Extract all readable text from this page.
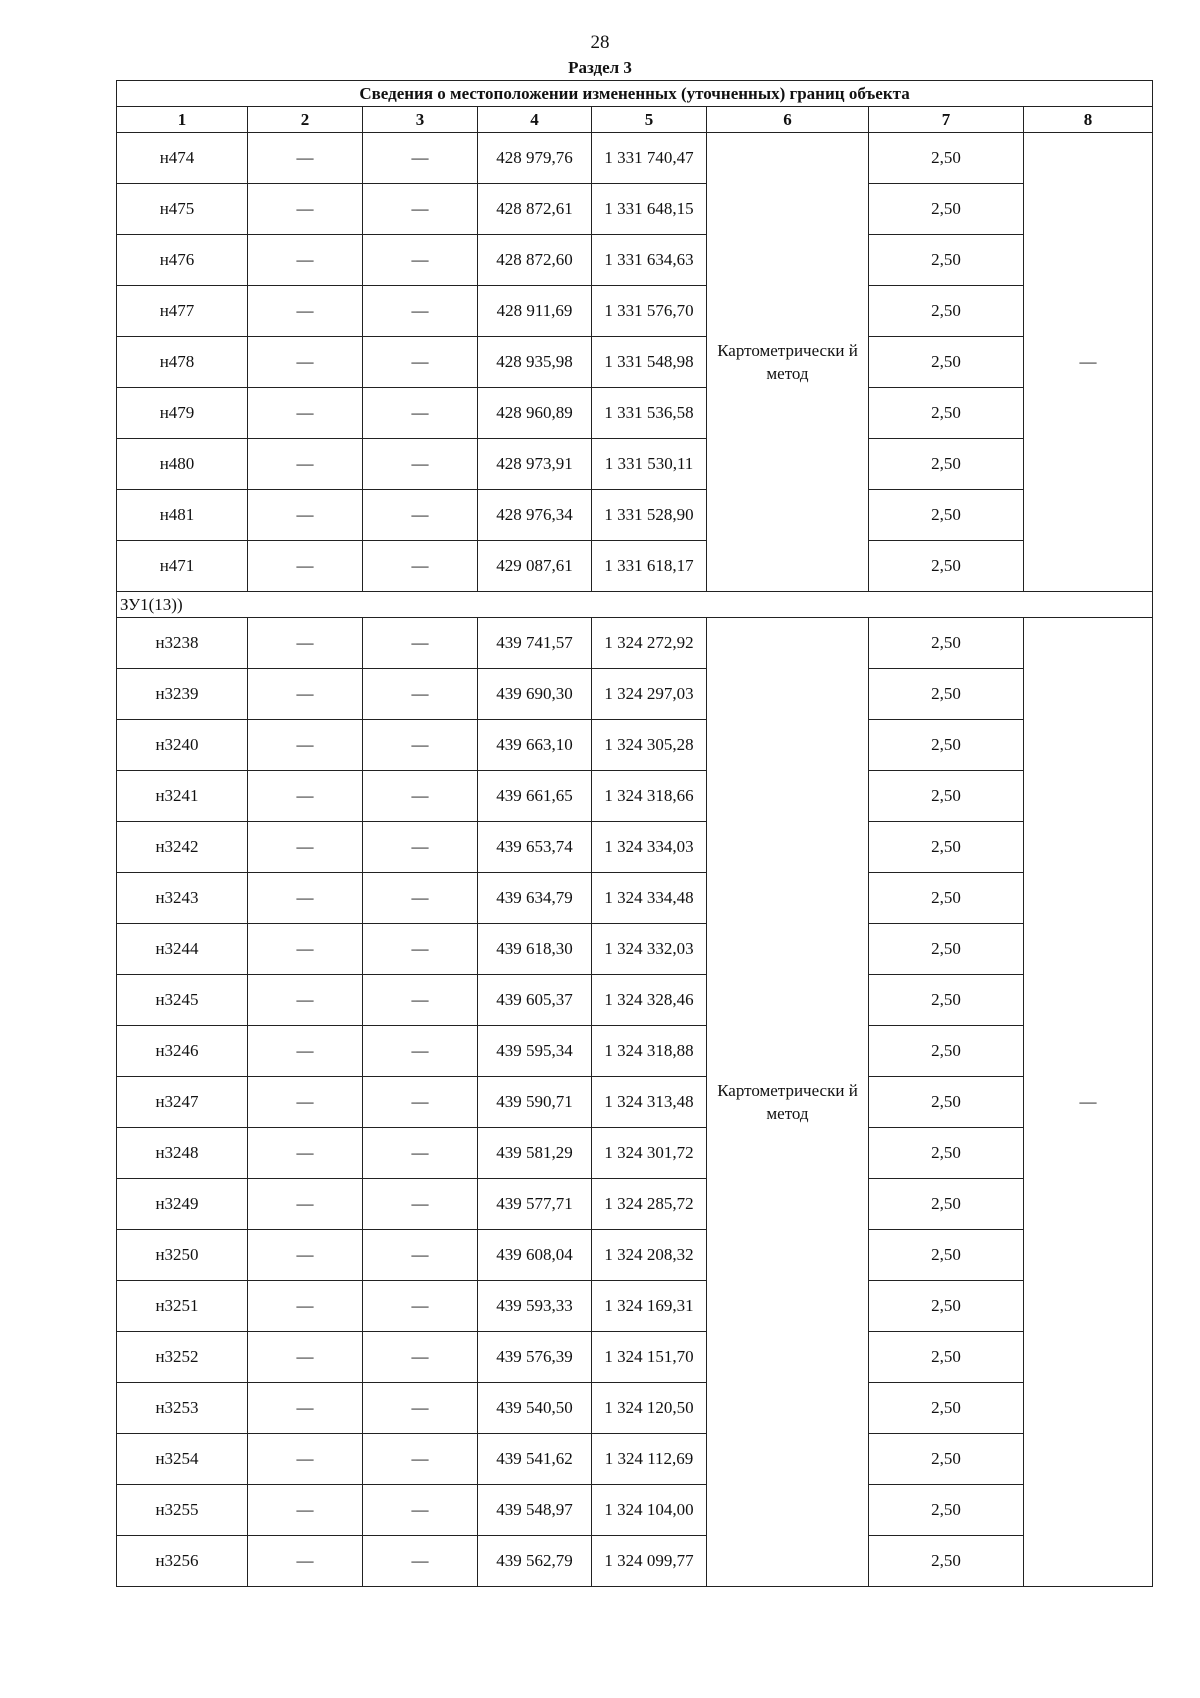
28
Раздел 3
Сведения о местоположении измененных (уточненных) границ объекта							
1	2	3	4	5	6	7	8
н474	—	—	428 979,76	1 331 740,47	Картометрически й метод	2,50	—
н475	—	—	428 872,61	1 331 648,15		2,50	
н476	—	—	428 872,60	1 331 634,63		2,50	
н477	—	—	428 911,69	1 331 576,70		2,50	
н478	—	—	428 935,98	1 331 548,98		2,50	
н479	—	—	428 960,89	1 331 536,58		2,50	
н480	—	—	428 973,91	1 331 530,11		2,50	
н481	—	—	428 976,34	1 331 528,90		2,50	
н471	—	—	429 087,61	1 331 618,17		2,50	
ЗУ1(13))							
н3238	—	—	439 741,57	1 324 272,92	Картометрически й метод	2,50	—
н3239	—	—	439 690,30	1 324 297,03		2,50	
н3240	—	—	439 663,10	1 324 305,28		2,50	
н3241	—	—	439 661,65	1 324 318,66		2,50	
н3242	—	—	439 653,74	1 324 334,03		2,50	
н3243	—	—	439 634,79	1 324 334,48		2,50	
н3244	—	—	439 618,30	1 324 332,03		2,50	
н3245	—	—	439 605,37	1 324 328,46		2,50	
н3246	—	—	439 595,34	1 324 318,88		2,50	
н3247	—	—	439 590,71	1 324 313,48		2,50	
н3248	—	—	439 581,29	1 324 301,72		2,50	
н3249	—	—	439 577,71	1 324 285,72		2,50	
н3250	—	—	439 608,04	1 324 208,32		2,50	
н3251	—	—	439 593,33	1 324 169,31		2,50	
н3252	—	—	439 576,39	1 324 151,70		2,50	
н3253	—	—	439 540,50	1 324 120,50		2,50	
н3254	—	—	439 541,62	1 324 112,69		2,50	
н3255	—	—	439 548,97	1 324 104,00		2,50	
н3256	—	—	439 562,79	1 324 099,77		2,50	
